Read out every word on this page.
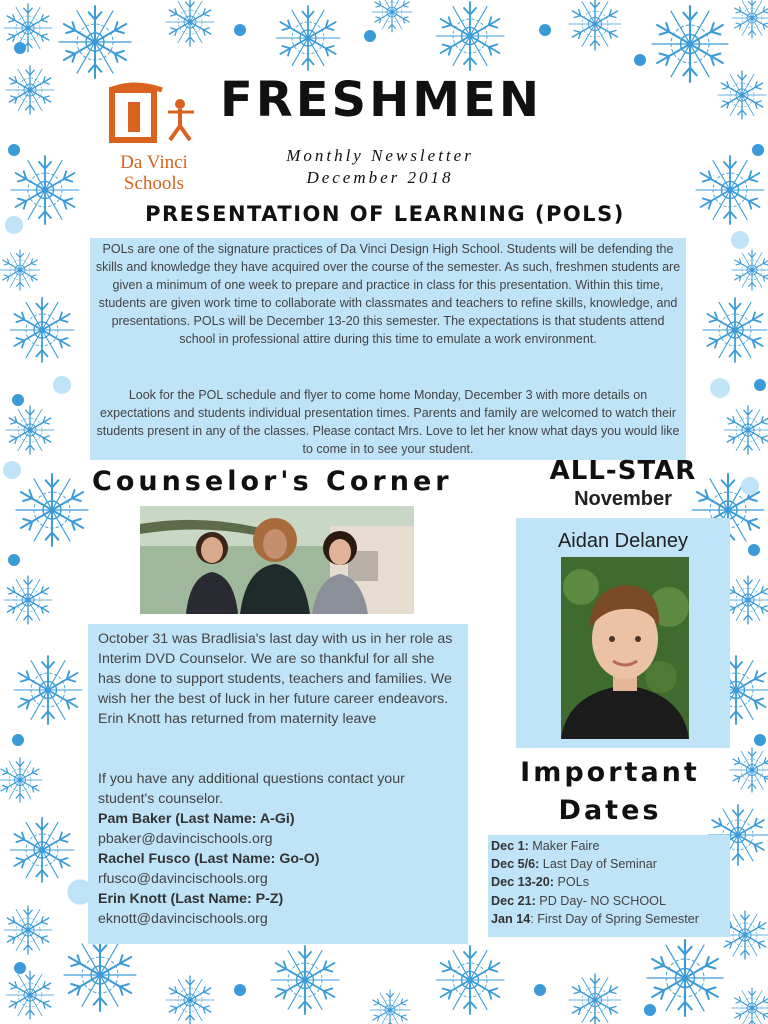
Da Vinci
Schools
FRESHMEN
Monthly Newsletter
December 2018
PRESENTATION OF LEARNING (POLS)

POLs are one of the signature practices of Da Vinci Design High School. Students will be defending the skills and knowledge they have acquired over the course of the semester. As such, freshmen students are given a minimum of one week to prepare and practice in class for this presentation. Within this time, students are given work time to collaborate with classmates and teachers to refine skills, knowledge, and presentations. POLs will be December 13-20 this semester. The expectations is that students attend school in professional attire during this time to emulate a work environment.

Look for the POL schedule and flyer to come home Monday, December 3 with more details on expectations and students individual presentation times. Parents and family are welcomed to watch their students present in any of the classes. Please contact Mrs. Love to let her know what days you would like to come in to see your student.

Counselor's Corner

October 31 was Bradlisia's last day with us in her role as Interim DVD Counselor. We are so thankful for all she has done to support students, teachers and families. We wish her the best of luck in her future career endeavors. Erin Knott has returned from maternity leave

If you have any additional questions contact your student's counselor.

Pam Baker (Last Name: A-Gi)
pbaker@davincischools.org
Rachel Fusco (Last Name: Go-O)
rfusco@davincischools.org
Erin Knott (Last Name: P-Z)
eknott@davincischools.org

ALL-STAR
November
Aidan Delaney
Important
Dates
Dec 1: Maker Faire
Dec 5/6: Last Day of Seminar
Dec 13-20: POLs
Dec 21: PD Day- NO SCHOOL
Jan 14: First Day of Spring Semester
